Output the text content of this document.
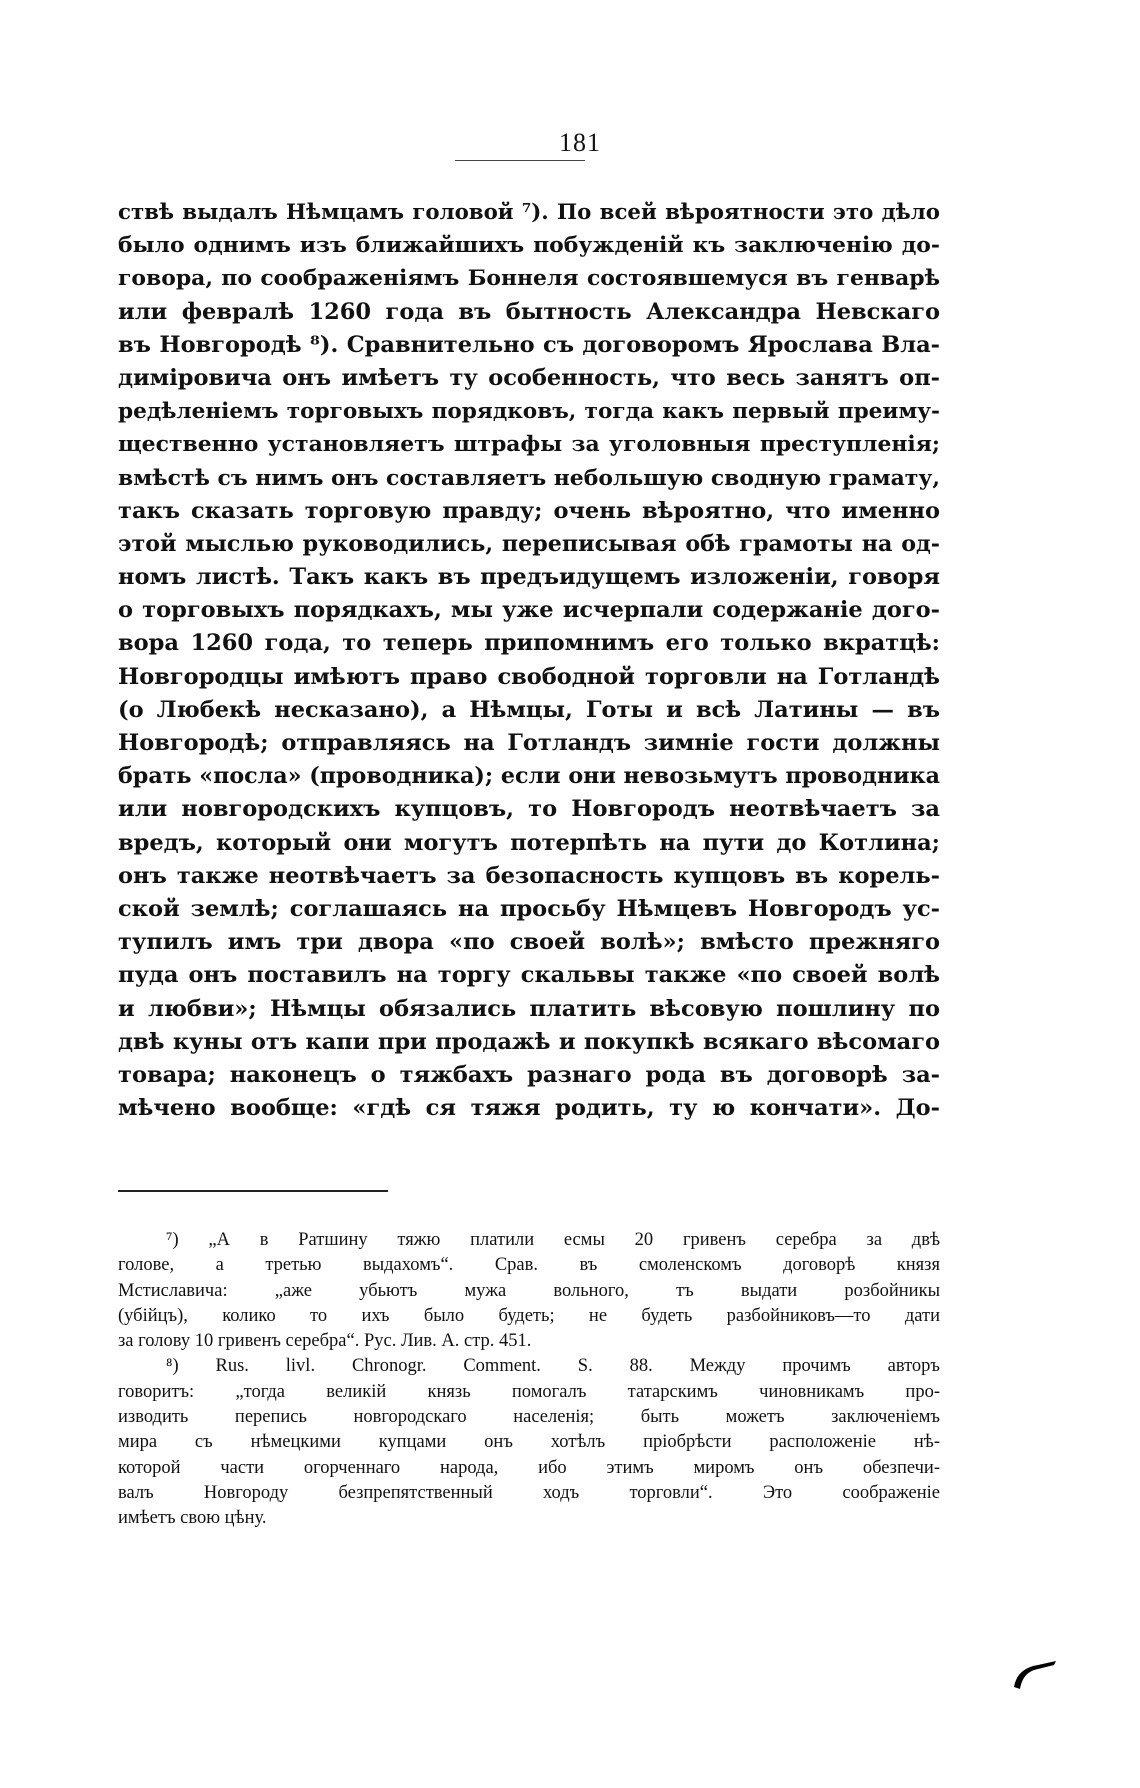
181
ствѣ выдалъ Нѣмцамъ головой ⁷). По всей вѣроятности это дѣло
было однимъ изъ ближайшихъ побужденій къ заключенію до-
говора, по соображеніямъ Боннеля состоявшемуся въ генварѣ
или февралѣ 1260 года въ бытность Александра Невскаго
въ Новгородѣ ⁸). Сравнительно съ договоромъ Ярослава Вла-
диміровича онъ имѣетъ ту особенность, что весь занятъ оп-
редѣленіемъ торговыхъ порядковъ, тогда какъ первый преиму-
щественно установляетъ штрафы за уголовныя преступленія;
вмѣстѣ съ нимъ онъ составляетъ небольшую сводную грамату,
такъ сказать торговую правду; очень вѣроятно, что именно
этой мыслью руководились, переписывая обѣ грамоты на од-
номъ листѣ. Такъ какъ въ предъидущемъ изложеніи, говоря
о торговыхъ порядкахъ, мы уже исчерпали содержаніе дого-
вора 1260 года, то теперь припомнимъ его только вкратцѣ:
Новгородцы имѣютъ право свободной торговли на Готландѣ
(о Любекѣ несказано), а Нѣмцы, Готы и всѣ Латины — въ
Новгородѣ; отправляясь на Готландъ зимніе гости должны
брать «посла» (проводника); если они невозьмутъ проводника
или новгородскихъ купцовъ, то Новгородъ неотвѣчаетъ за
вредъ, который они могутъ потерпѣть на пути до Котлина;
онъ также неотвѣчаетъ за безопасность купцовъ въ корель-
ской землѣ; соглашаясь на просьбу Нѣмцевъ Новгородъ ус-
тупилъ имъ три двора «по своей волѣ»; вмѣсто прежняго
пуда онъ поставилъ на торгу скальвы также «по своей волѣ
и любви»; Нѣмцы обязались платить вѣсовую пошлину по
двѣ куны отъ капи при продажѣ и покупкѣ всякаго вѣсомаго
товара; наконецъ о тяжбахъ разнаго рода въ договорѣ за-
мѣчено вообще: «гдѣ ся тяжя родить, ту ю кончати». До-
⁷) „А в Ратшину тяжю платили есмы 20 гривенъ серебра за двѣ
голове, а третью выдахомъ“. Срав. въ смоленскомъ договорѣ князя
Мстиславича: „аже убьютъ мужа вольного, тъ выдати розбойникы
(убійцъ), колико то ихъ было будеть; не будеть разбойниковъ—то дати
за голову 10 гривенъ серебра“. Рус. Лив. А. стр. 451.
⁸) Rus. livl. Chronogr. Comment. S. 88. Между прочимъ авторъ
говоритъ: „тогда великій князь помогалъ татарскимъ чиновникамъ про-
изводить перепись новгородскаго населенія; быть можетъ заключеніемъ
мира съ нѣмецкими купцами онъ хотѣлъ пріобрѣсти расположеніе нѣ-
которой части огорченнаго народа, ибо этимъ миромъ онъ обезпечи-
валъ Новгороду безпрепятственный ходъ торговли“. Это соображеніе
имѣетъ свою цѣну.
